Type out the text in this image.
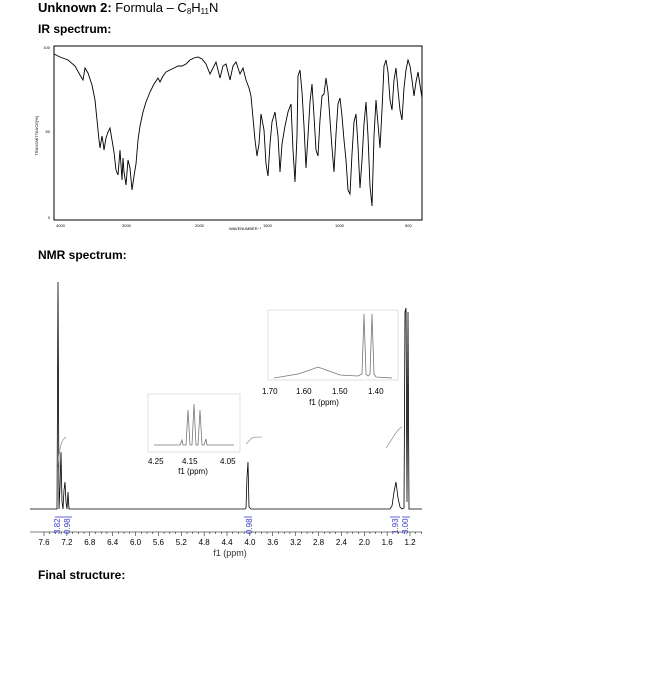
Unknown 2: Formula – $C_8H_{11}N$
IR spectrum:
TRANSMITTANCE[%]
100
50
0
4000	3000	2000	1500	1000	500
WAVENUMBER⁻¹
NMR spectrum:
7.6 7.2 6.8 6.4 6.0 5.6 5.2 4.8 4.4 4.0 3.6 3.2 2.8 2.4 2.0 1.6 1.2
f1 (ppm)
3.82 0.98	0.98	1.93 3.00
4.25 4.15	4.05
f1 (ppm)
1.70 1.60	1.50	1.40
f1 (ppm)
Final structure:
